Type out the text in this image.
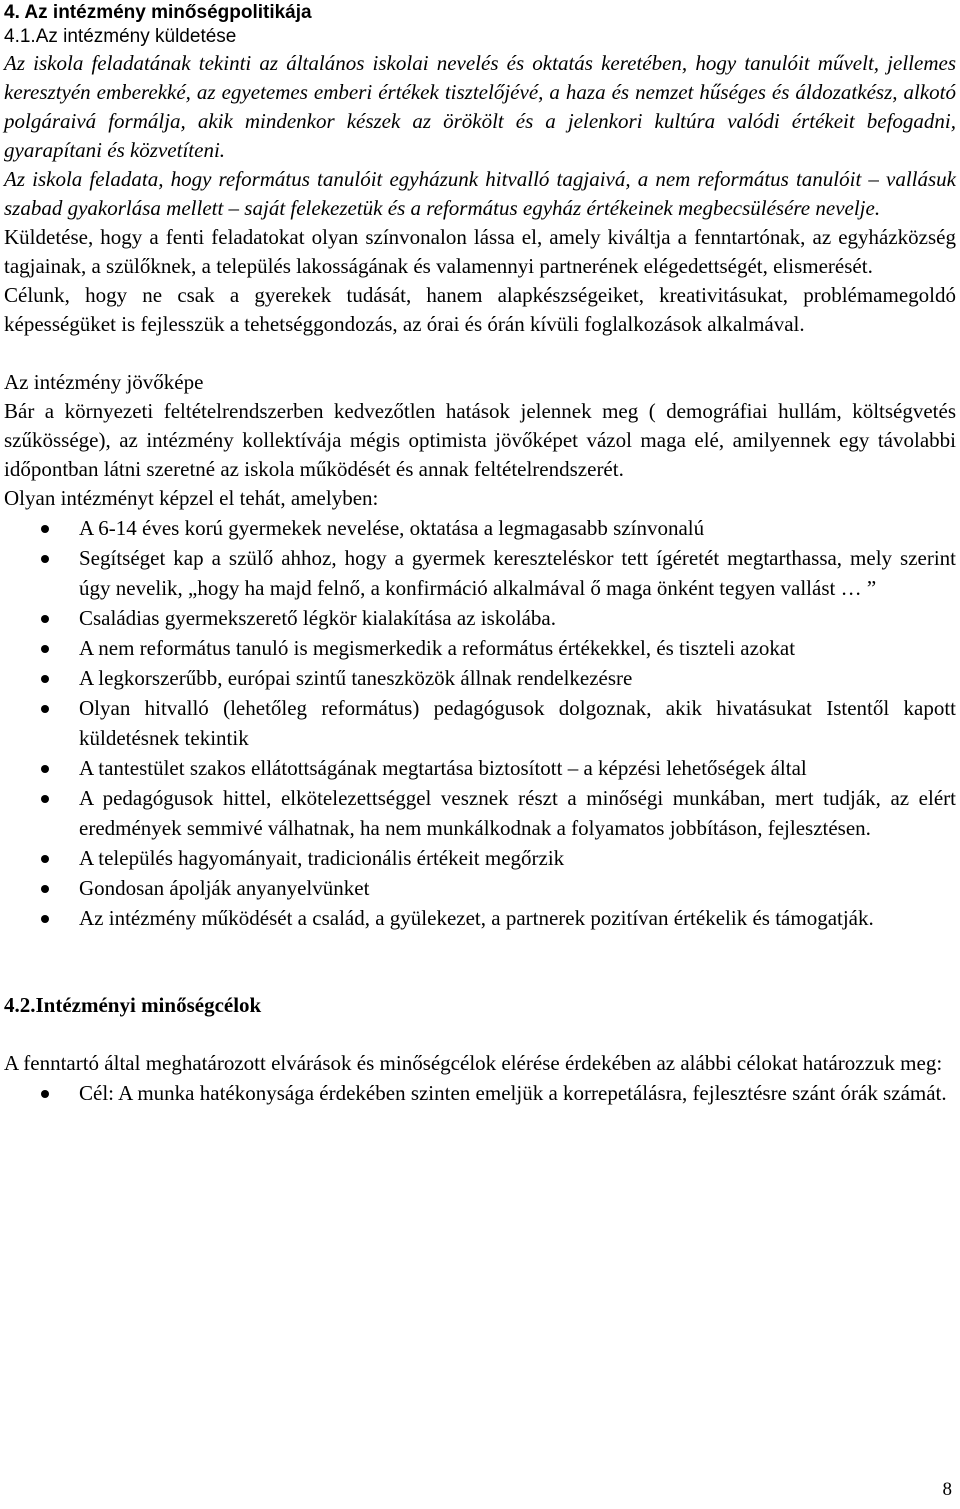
4. Az intézmény minőségpolitikája
4.1.Az intézmény küldetése

Az iskola feladatának tekinti az általános iskolai nevelés és oktatás keretében, hogy tanulóit művelt, jellemes keresztyén emberekké, az egyetemes emberi értékek tisztelőjévé, a haza és nemzet hűséges és áldozatkész, alkotó polgáraivá formálja, akik mindenkor készek az örökölt és a jelenkori kultúra valódi értékeit befogadni, gyarapítani és közvetíteni.

Az iskola feladata, hogy református tanulóit egyházunk hitvalló tagjaivá, a nem református tanulóit – vallásuk szabad gyakorlása mellett – saját felekezetük és a református egyház értékeinek megbecsülésére nevelje.

Küldetése, hogy a fenti feladatokat olyan színvonalon lássa el, amely kiváltja a fenntartónak, az egyházközség tagjainak, a szülőknek, a település lakosságának és valamennyi partnerének elégedettségét, elismerését.

Célunk, hogy ne csak a gyerekek tudását, hanem alapkészségeiket, kreativitásukat, problémamegoldó képességüket is fejlesszük a tehetséggondozás, az órai és órán kívüli foglalkozások alkalmával.

Az intézmény jövőképe

Bár a környezeti feltételrendszerben kedvezőtlen hatások jelennek meg ( demográfiai hullám, költségvetés szűkössége), az intézmény kollektívája mégis optimista jövőképet vázol maga elé, amilyennek egy távolabbi időpontban látni szeretné az iskola működését és annak feltételrendszerét.

Olyan intézményt képzel el tehát, amelyben:

A 6-14 éves korú gyermekek nevelése, oktatása a legmagasabb színvonalú
Segítséget kap a szülő ahhoz, hogy a gyermek kereszteléskor tett ígéretét megtarthassa, mely szerint úgy nevelik, „hogy ha majd felnő, a konfirmáció alkalmával ő maga önként tegyen vallást … ”
Családias gyermekszerető légkör kialakítása az iskolába.
A nem református tanuló is megismerkedik a református értékekkel, és tiszteli azokat
A legkorszerűbb, európai szintű taneszközök állnak rendelkezésre
Olyan hitvalló (lehetőleg református) pedagógusok dolgoznak, akik hivatásukat Istentől kapott küldetésnek tekintik
A tantestület szakos ellátottságának megtartása biztosított – a képzési lehetőségek által
A pedagógusok hittel, elkötelezettséggel vesznek részt a minőségi munkában, mert tudják, az elért eredmények semmivé válhatnak, ha nem munkálkodnak a folyamatos jobbításon, fejlesztésen.
A település hagyományait, tradicionális értékeit megőrzik
Gondosan ápolják anyanyelvünket
Az intézmény működését a család, a gyülekezet, a partnerek pozitívan értékelik és támogatják.

4.2.Intézményi minőségcélok

A fenntartó által meghatározott elvárások és minőségcélok elérése érdekében az alábbi célokat határozzuk meg:

Cél: A munka hatékonysága érdekében szinten emeljük a korrepetálásra, fejlesztésre szánt órák számát.
8
